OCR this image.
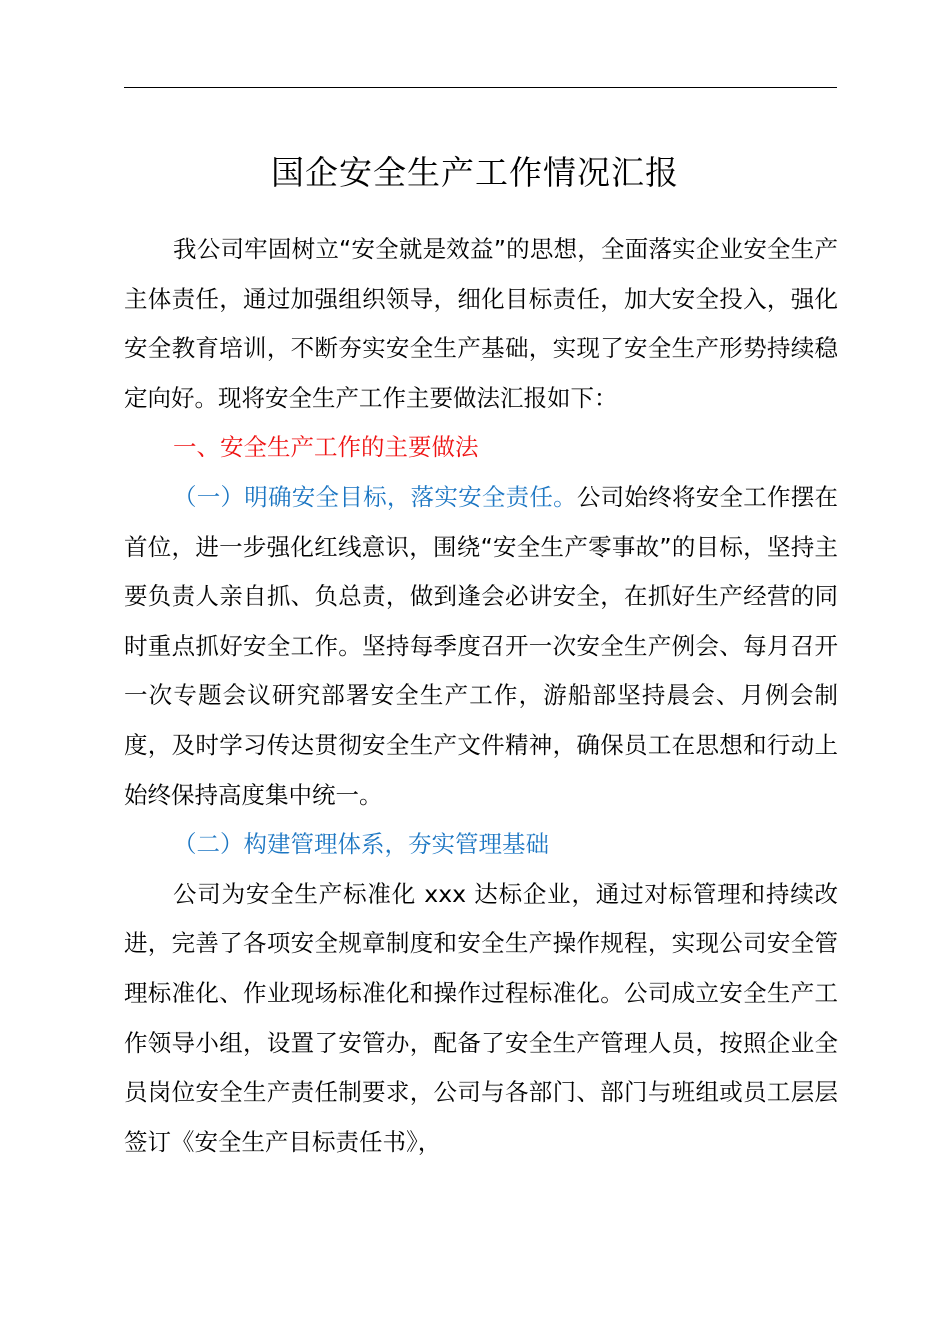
国企安全生产工作情况汇报

我公司牢固树立“安全就是效益”的思想，全面落实企业安全生产主体责任，通过加强组织领导，细化目标责任，加大安全投入，强化安全教育培训，不断夯实安全生产基础，实现了安全生产形势持续稳定向好。现将安全生产工作主要做法汇报如下：

一、安全生产工作的主要做法

（一）明确安全目标，落实安全责任。公司始终将安全工作摆在首位，进一步强化红线意识，围绕“安全生产零事故”的目标，坚持主要负责人亲自抓、负总责，做到逢会必讲安全，在抓好生产经营的同时重点抓好安全工作。坚持每季度召开一次安全生产例会、每月召开一次专题会议研究部署安全生产工作，游船部坚持晨会、月例会制度，及时学习传达贯彻安全生产文件精神，确保员工在思想和行动上始终保持高度集中统一。

（二）构建管理体系，夯实管理基础

公司为安全生产标准化 xxx 达标企业，通过对标管理和持续改进，完善了各项安全规章制度和安全生产操作规程，实现公司安全管理标准化、作业现场标准化和操作过程标准化。公司成立安全生产工作领导小组，设置了安管办，配备了安全生产管理人员，按照企业全员岗位安全生产责任制要求，公司与各部门、部门与班组或员工层层签订《安全生产目标责任书》，
